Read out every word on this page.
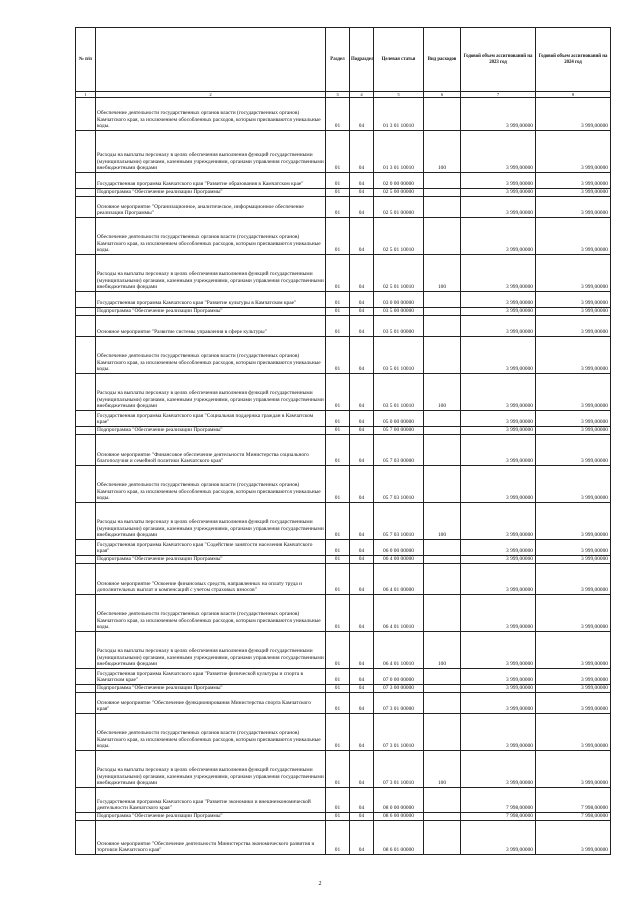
№ п/п		Раздел	Подраздел	Целевая статья	Вид расходов	Годовой объем ассигнований на 2023 год	Годовой объем ассигнований на 2024 год
1	2	3	4	5	6	7	8
	Обеспечение деятельности государственных органов власти (государственных органов) Камчатского края, за исключением обособленных расходов, которым присваиваются уникальные коды.	01	04	01 3 01 10010		3 999,00000	3 999,00000
	Расходы на выплаты персоналу в целях обеспечения выполнения функций государственными (муниципальными) органами, казенными учреждениями, органами управления государственными внебюджетными фондами	01	04	01 3 01 10010	100	3 999,00000	3 999,00000
	Государственная программа Камчатского края "Развитие образования в Камчатском крае"	01	04	02 0 00 00000		3 999,00000	3 999,00000
	Подпрограмма "Обеспечение реализации Программы"	01	04	02 5 00 00000		3 999,00000	3 999,00000
	Основное мероприятие "Организационное, аналитическое, информационное обеспечение реализации Программы"	01	04	02 5 01 00000		3 999,00000	3 999,00000
	Обеспечение деятельности государственных органов власти (государственных органов) Камчатского края, за исключением обособленных расходов, которым присваиваются уникальные коды.	01	04	02 5 01 10010		3 999,00000	3 999,00000
	Расходы на выплаты персоналу в целях обеспечения выполнения функций государственными (муниципальными) органами, казенными учреждениями, органами управления государственными внебюджетными фондами	01	04	02 5 01 10010	100	3 999,00000	3 999,00000
	Государственная программа Камчатского края "Развитие культуры в Камчатском крае"	01	04	03 0 00 00000		3 999,00000	3 999,00000
	Подпрограмма "Обеспечение реализации Программы"	01	04	03 5 00 00000		3 999,00000	3 999,00000
	Основное мероприятие "Развитие системы управления в сфере культуры"	01	04	03 5 01 00000		3 999,00000	3 999,00000
	Обеспечение деятельности государственных органов власти (государственных органов) Камчатского края, за исключением обособленных расходов, которым присваиваются уникальные коды.	01	04	03 5 01 10010		3 999,00000	3 999,00000
	Расходы на выплаты персоналу в целях обеспечения выполнения функций государственными (муниципальными) органами, казенными учреждениями, органами управления государственными внебюджетными фондами	01	04	03 5 01 10010	100	3 999,00000	3 999,00000
	Государственная программа Камчатского края "Социальная поддержка граждан в Камчатском крае"	01	04	05 0 00 00000		3 999,00000	3 999,00000
	Подпрограмма "Обеспечение реализации Программы"	01	04	05 7 00 00000		3 999,00000	3 999,00000
	Основное мероприятие "Финансовое обеспечение деятельности Министерства социального благополучия и семейной политики Камчатского края"	01	04	05 7 03 00000		3 999,00000	3 999,00000
	Обеспечение деятельности государственных органов власти (государственных органов) Камчатского края, за исключением обособленных расходов, которым присваиваются уникальные коды.	01	04	05 7 03 10010		3 999,00000	3 999,00000
	Расходы на выплаты персоналу в целях обеспечения выполнения функций государственными (муниципальными) органами, казенными учреждениями, органами управления государственными внебюджетными фондами	01	04	05 7 03 10010	100	3 999,00000	3 999,00000
	Государственная программа Камчатского края "Содействие занятости населения Камчатского края"	01	04	06 0 00 00000		3 999,00000	3 999,00000
	Подпрограмма "Обеспечение реализации Программы"	01	04	06 4 00 00000		3 999,00000	3 999,00000
	Основное мероприятие "Освоение финансовых средств, направленных на оплату труда и дополнительных выплат и компенсаций с учетом страховых взносов"	01	04	06 4 01 00000		3 999,00000	3 999,00000
	Обеспечение деятельности государственных органов власти (государственных органов) Камчатского края, за исключением обособленных расходов, которым присваиваются уникальные коды.	01	04	06 4 01 10010		3 999,00000	3 999,00000
	Расходы на выплаты персоналу в целях обеспечения выполнения функций государственными (муниципальными) органами, казенными учреждениями, органами управления государственными внебюджетными фондами	01	04	06 4 01 10010	100	3 999,00000	3 999,00000
	Государственная программа Камчатского края "Развитие физической культуры и спорта в Камчатском крае"	01	04	07 0 00 00000		3 999,00000	3 999,00000
	Подпрограмма "Обеспечение реализации Программы"	01	04	07 3 00 00000		3 999,00000	3 999,00000
	Основное мероприятие "Обеспечение функционирования Министерства спорта Камчатского края"	01	04	07 3 01 00000		3 999,00000	3 999,00000
	Обеспечение деятельности государственных органов власти (государственных органов) Камчатского края, за исключением обособленных расходов, которым присваиваются уникальные коды.	01	04	07 3 01 10010		3 999,00000	3 999,00000
	Расходы на выплаты персоналу в целях обеспечения выполнения функций государственными (муниципальными) органами, казенными учреждениями, органами управления государственными внебюджетными фондами	01	04	07 3 01 10010	100	3 999,00000	3 999,00000
	Государственная программа Камчатского края "Развитие экономики и внешнеэкономической деятельности Камчатского края"	01	04	08 0 00 00000		7 998,00000	7 998,00000
	Подпрограмма "Обеспечение реализации Программы"	01	04	08 6 00 00000		7 998,00000	7 998,00000
	Основное мероприятие "Обеспечение деятельности Министерства экономического развития и торговли Камчатского края"	01	04	08 6 01 00000		3 999,00000	3 999,00000
2
